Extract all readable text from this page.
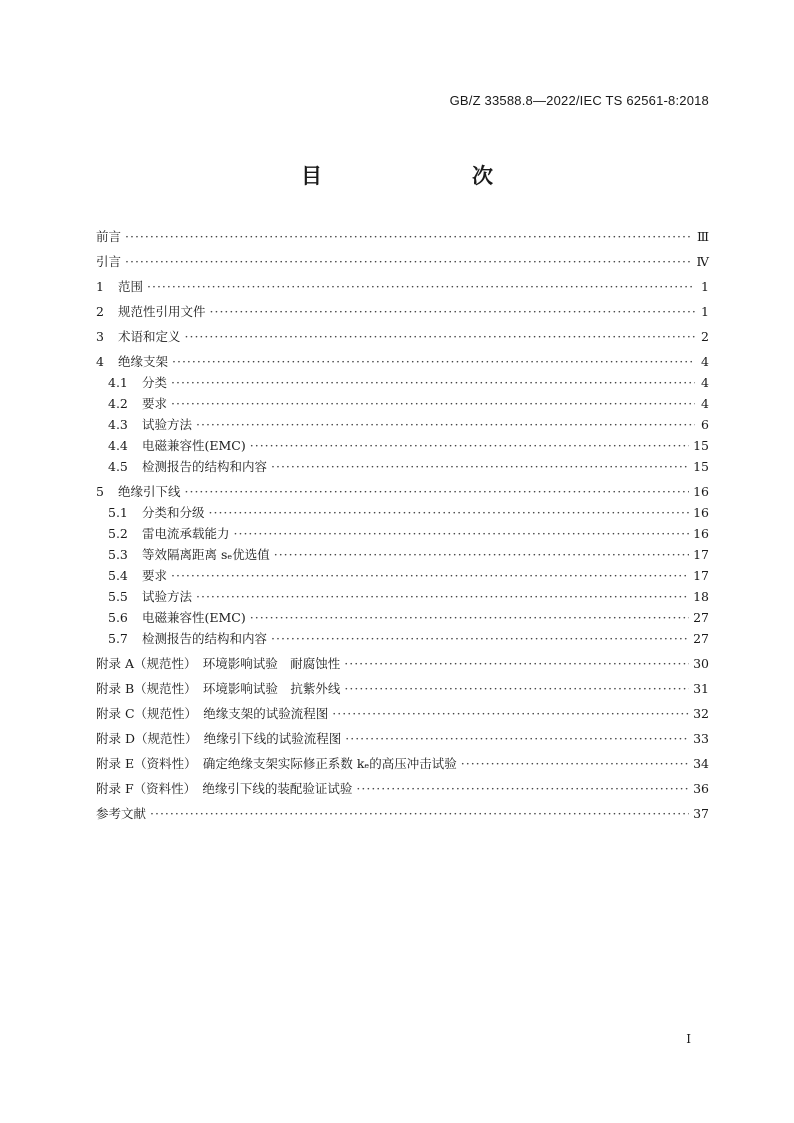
GB/Z 33588.8—2022/IEC TS 62561-8:2018
目　　次
前言 ·····	Ⅲ
引言 ·····	Ⅳ
1	范围 ·····	1
2	规范性引用文件 ·····	1
3	术语和定义 ·····	2
4	绝缘支架 ·····	4
4.1	分类 ·····	4
4.2	要求 ·····	4
4.3	试验方法 ·····	6
4.4	电磁兼容性(EMC) ·····	15
4.5	检测报告的结构和内容 ·····	15
5	绝缘引下线 ·····	16
5.1	分类和分级 ·····	16
5.2	雷电流承载能力 ·····	16
5.3	等效隔离距离 sₑ优选值 ·····	17
5.4	要求 ·····	17
5.5	试验方法 ·····	18
5.6	电磁兼容性(EMC) ·····	27
5.7	检测报告的结构和内容 ·····	27
附录 A（规范性）　环境影响试验　耐腐蚀性 ·····	30
附录 B（规范性）　环境影响试验　抗紫外线 ·····	31
附录 C（规范性）　绝缘支架的试验流程图 ·····	32
附录 D（规范性）　绝缘引下线的试验流程图 ·····	33
附录 E（资料性）　确定绝缘支架实际修正系数 kₑ的高压冲击试验 ·····	34
附录 F（资料性）　绝缘引下线的装配验证试验 ·····	36
参考文献 ·····	37
I
